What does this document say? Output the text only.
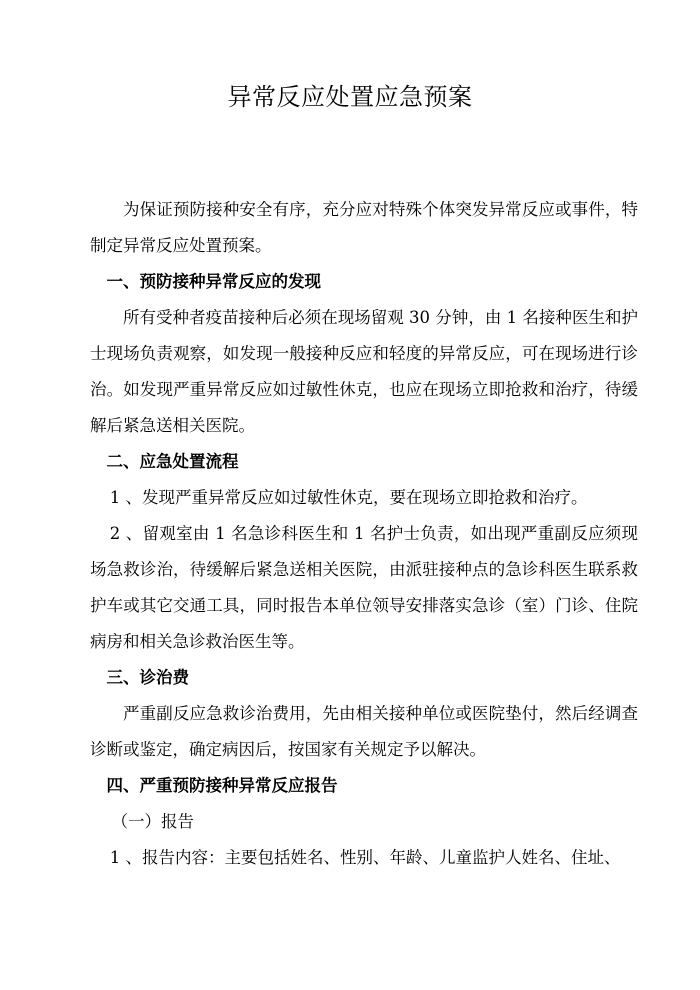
异常反应处置应急预案

为保证预防接种安全有序，充分应对特殊个体突发异常反应或事件，特制定异常反应处置预案。

一、预防接种异常反应的发现

所有受种者疫苗接种后必须在现场留观 30 分钟，由 1 名接种医生和护士现场负责观察，如发现一般接种反应和轻度的异常反应，可在现场进行诊治。如发现严重异常反应如过敏性休克，也应在现场立即抢救和治疗，待缓解后紧急送相关医院。

二、应急处置流程

1 、发现严重异常反应如过敏性休克，要在现场立即抢救和治疗。

2 、留观室由 1 名急诊科医生和 1 名护士负责，如出现严重副反应须现场急救诊治，待缓解后紧急送相关医院，由派驻接种点的急诊科医生联系救护车或其它交通工具，同时报告本单位领导安排落实急诊（室）门诊、住院病房和相关急诊救治医生等。

三、诊治费

严重副反应急救诊治费用，先由相关接种单位或医院垫付，然后经调查诊断或鉴定，确定病因后，按国家有关规定予以解决。

四、严重预防接种异常反应报告

（一）报告

1 、报告内容：主要包括姓名、性别、年龄、儿童监护人姓名、住址、
